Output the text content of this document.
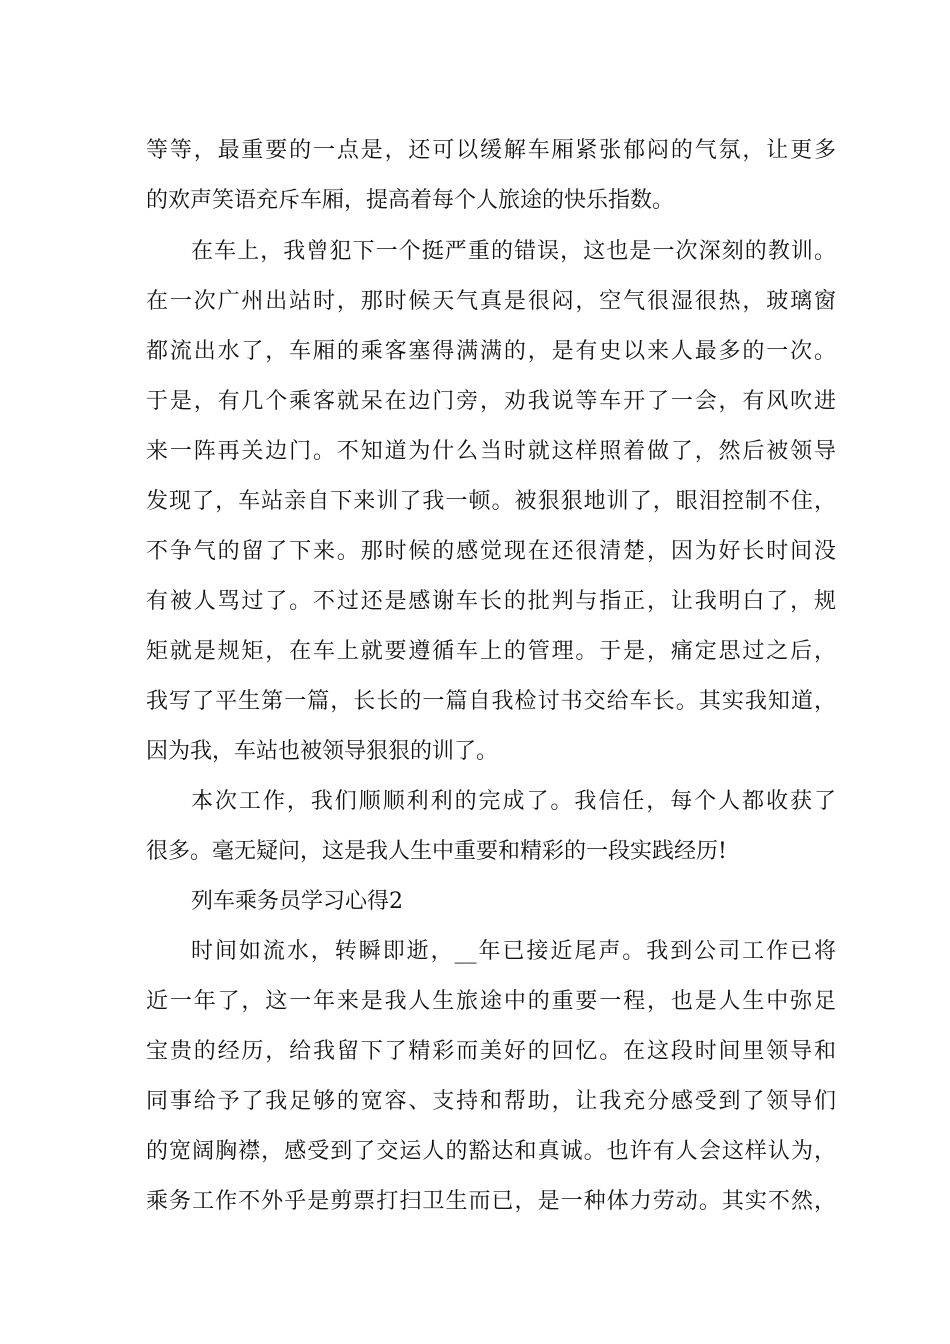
等等，最重要的一点是，还可以缓解车厢紧张郁闷的气氛，让更多

的欢声笑语充斥车厢，提高着每个人旅途的快乐指数。

在车上，我曾犯下一个挺严重的错误，这也是一次深刻的教训。

在一次广州出站时，那时候天气真是很闷，空气很湿很热，玻璃窗

都流出水了，车厢的乘客塞得满满的，是有史以来人最多的一次。

于是，有几个乘客就呆在边门旁，劝我说等车开了一会，有风吹进

来一阵再关边门。不知道为什么当时就这样照着做了，然后被领导

发现了，车站亲自下来训了我一顿。被狠狠地训了，眼泪控制不住，

不争气的留了下来。那时候的感觉现在还很清楚，因为好长时间没

有被人骂过了。不过还是感谢车长的批判与指正，让我明白了，规

矩就是规矩，在车上就要遵循车上的管理。于是，痛定思过之后，

我写了平生第一篇，长长的一篇自我检讨书交给车长。其实我知道，

因为我，车站也被领导狠狠的训了。

本次工作，我们顺顺利利的完成了。我信任，每个人都收获了

很多。毫无疑问，这是我人生中重要和精彩的一段实践经历!

列车乘务员学习心得2

时间如流水，转瞬即逝，__年已接近尾声。我到公司工作已将

近一年了，这一年来是我人生旅途中的重要一程，也是人生中弥足

宝贵的经历，给我留下了精彩而美好的回忆。在这段时间里领导和

同事给予了我足够的宽容、支持和帮助，让我充分感受到了领导们

的宽阔胸襟，感受到了交运人的豁达和真诚。也许有人会这样认为，

乘务工作不外乎是剪票打扫卫生而已，是一种体力劳动。其实不然，
